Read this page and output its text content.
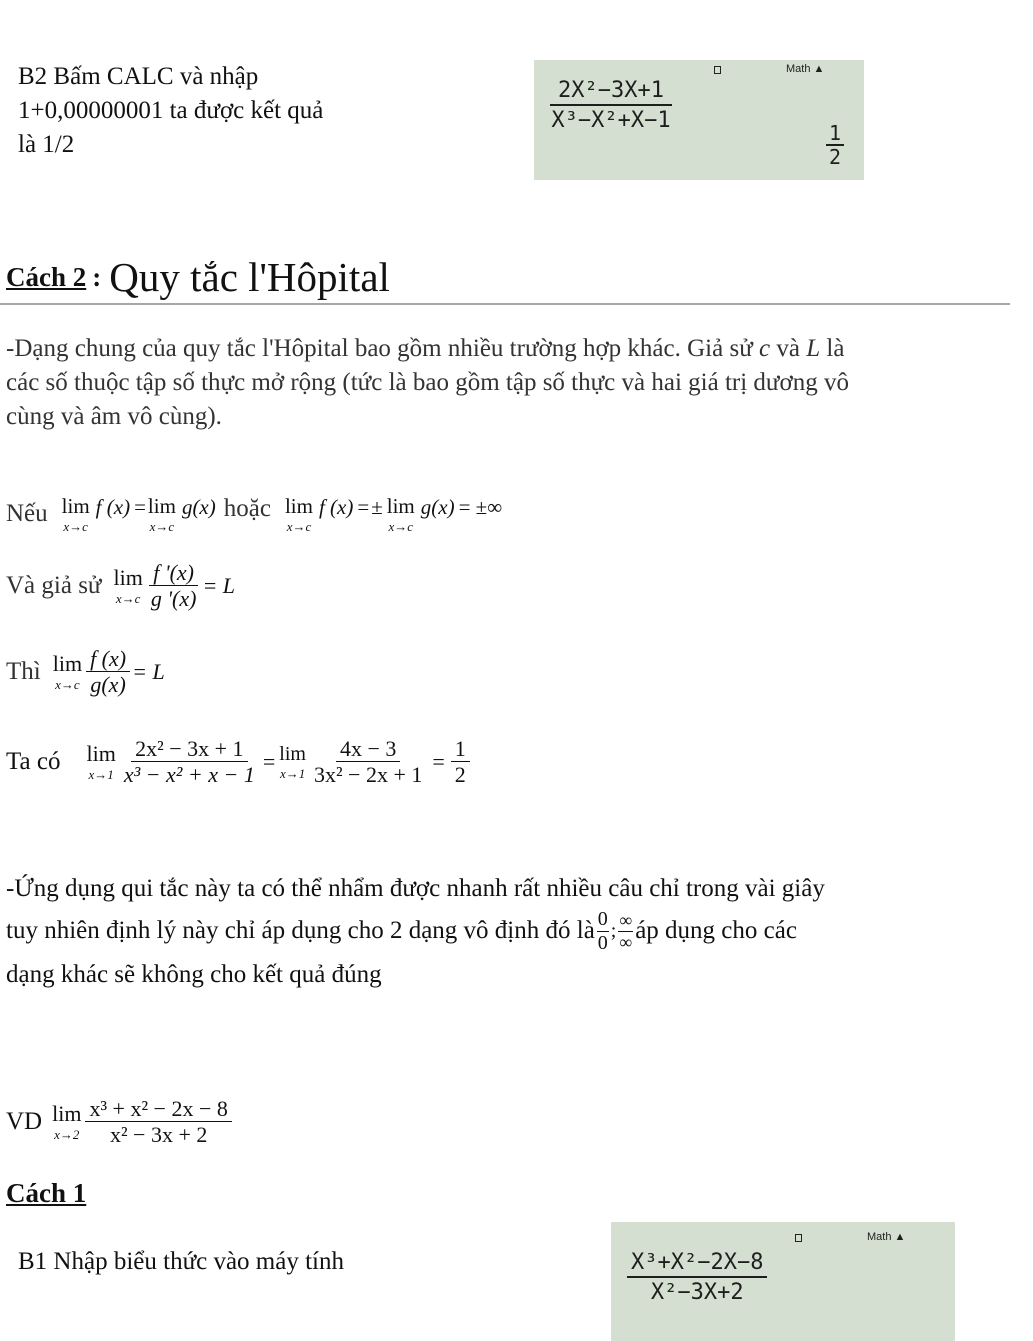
B2 Bấm CALC và nhập
1+0,00000001 ta được kết quả
là 1/2
Math ▲
$\frac{\text{2X²−3X+1}}{\text{X³−X²+X−1}}$
$\frac{1}{2}$
Cách 2 : Quy tắc l'Hôpital
-Dạng chung của quy tắc l'Hôpital bao gồm nhiều trường hợp khác. Giả sử c và L là
các số thuộc tập số thực mở rộng (tức là bao gồm tập số thực và hai giá trị dương vô
cùng và âm vô cùng).
Nếu lim
x→c
f (x) = lim
x→c
g(x) hoặc lim
x→c
f (x) = ± lim
x→c
g(x) = ±∞
Và giả sử lim
$x\to c \frac{f '(x)}{g '(x)} = L$
Thì lim
$x\to c \frac{f (x)}{g(x)} = L$
Ta có lim
$x\to 1 \frac{\text{2x² − 3x + 1}}{\text{x³ − x² + x − 1}} = \lim$
$x\to 1 \frac{4x - 3}{\text{3x² − 2x + 1}} = \frac{1}{2}$
-Ứng dụng qui tắc này ta có thể nhẩm được nhanh rất nhiều câu chỉ trong vài giây
tuy nhiên định lý này chỉ áp dụng cho 2 dạng vô định đó là $\frac{0}{0}$ ; $\frac{\infty}{\infty}$ áp dụng cho các
dạng khác sẽ không cho kết quả đúng
VD lim
$x\to 2 \frac{\text{x³ + x² − 2x − 8}}{\text{x² − 3x + 2}}$
Cách 1
B1 Nhập biểu thức vào máy tính
Math ▲
$\frac{\text{X³+X²−2X−8}}{\text{X²−3X+2}}$
